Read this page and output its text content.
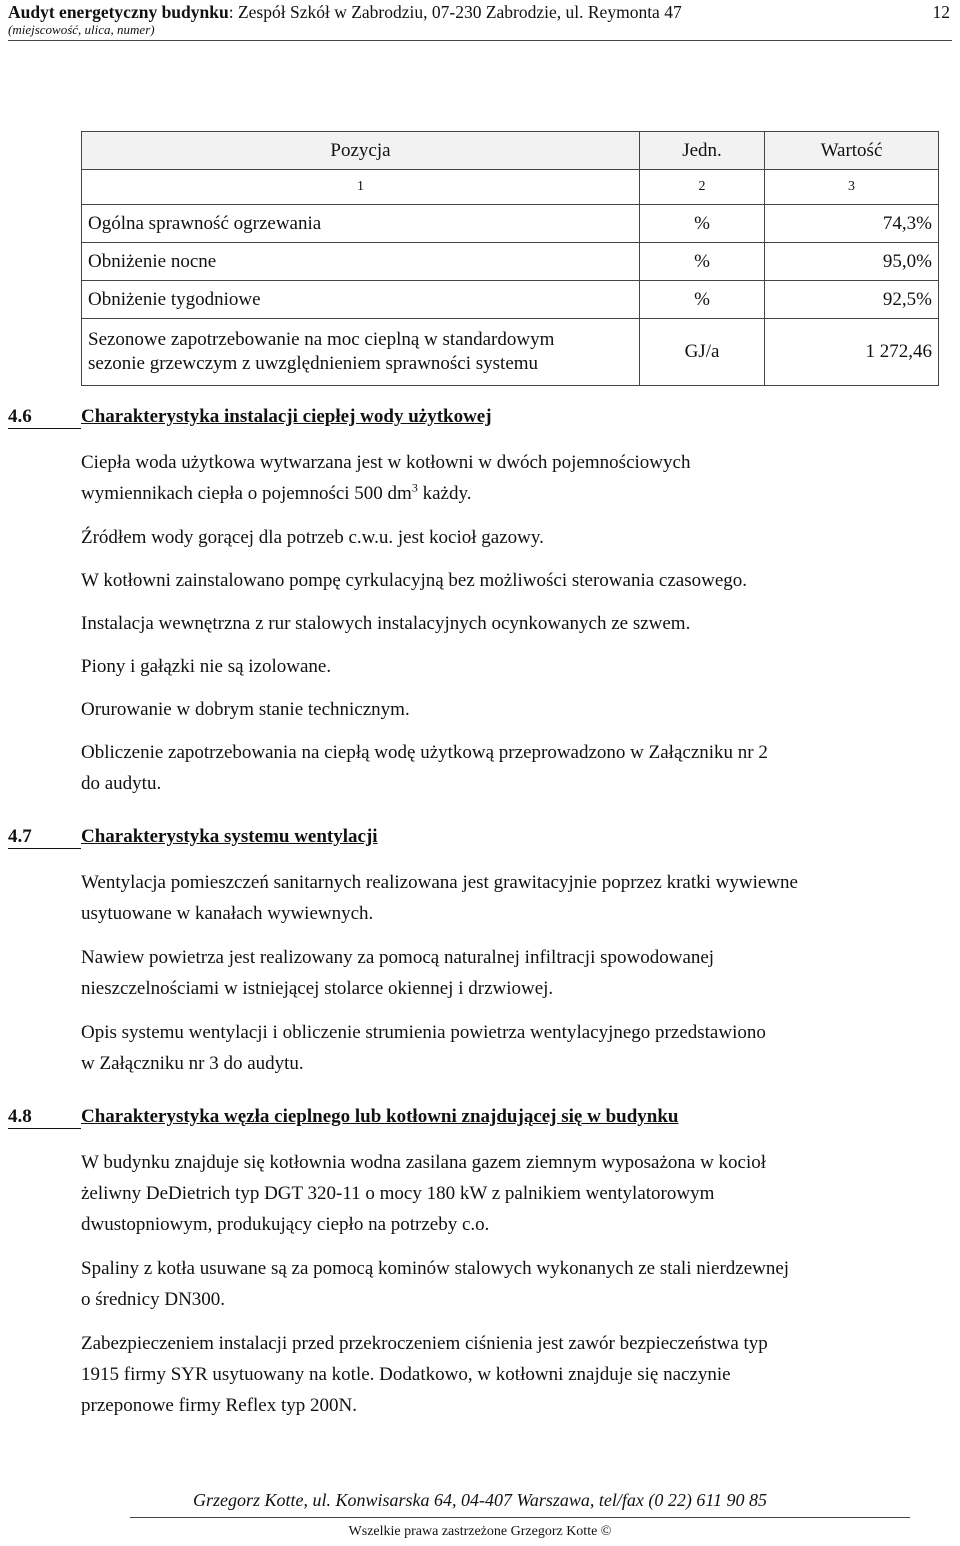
Audyt energetyczny budynku: Zespół Szkół w Zabrodziu, 07-230 Zabrodzie, ul. Reymonta 47
(miejscowość, ulica, numer)
12
Pozycja	Jedn.	Wartość
1	2	3
Ogólna sprawność ogrzewania	%	74,3%
Obniżenie nocne	%	95,0%
Obniżenie tygodniowe	%	92,5%
Sezonowe zapotrzebowanie na moc cieplną w standardowym
sezonie grzewczym z uwzględnieniem sprawności systemu	GJ/a	1 272,46
4.6	Charakterystyka instalacji ciepłej wody użytkowej
Ciepła woda użytkowa wytwarzana jest w kotłowni w dwóch pojemnościowych
wymiennikach ciepła o pojemności 500 $dm^3$ każdy.
Źródłem wody gorącej dla potrzeb c.w.u. jest kocioł gazowy.
W kotłowni zainstalowano pompę cyrkulacyjną bez możliwości sterowania czasowego.
Instalacja wewnętrzna z rur stalowych instalacyjnych ocynkowanych ze szwem.
Piony i gałązki nie są izolowane.
Orurowanie w dobrym stanie technicznym.
Obliczenie zapotrzebowania na ciepłą wodę użytkową przeprowadzono w Załączniku nr 2
do audytu.
4.7	Charakterystyka systemu wentylacji
Wentylacja pomieszczeń sanitarnych realizowana jest grawitacyjnie poprzez kratki wywiewne
usytuowane w kanałach wywiewnych.
Nawiew powietrza jest realizowany za pomocą naturalnej infiltracji spowodowanej
nieszczelnościami w istniejącej stolarce okiennej i drzwiowej.
Opis systemu wentylacji i obliczenie strumienia powietrza wentylacyjnego przedstawiono
w Załączniku nr 3 do audytu.
4.8	Charakterystyka węzła cieplnego lub kotłowni znajdującej się w budynku
W budynku znajduje się kotłownia wodna zasilana gazem ziemnym wyposażona w kocioł
żeliwny DeDietrich typ DGT 320-11 o mocy 180 kW z palnikiem wentylatorowym
dwustopniowym, produkujący ciepło na potrzeby c.o.
Spaliny z kotła usuwane są za pomocą kominów stalowych wykonanych ze stali nierdzewnej
o średnicy DN300.
Zabezpieczeniem instalacji przed przekroczeniem ciśnienia jest zawór bezpieczeństwa typ
1915 firmy SYR usytuowany na kotle. Dodatkowo, w kotłowni znajduje się naczynie
przeponowe firmy Reflex typ 200N.
Grzegorz Kotte, ul. Konwisarska 64, 04-407 Warszawa, tel/fax (0 22) 611 90 85
Wszelkie prawa zastrzeżone Grzegorz Kotte ©
